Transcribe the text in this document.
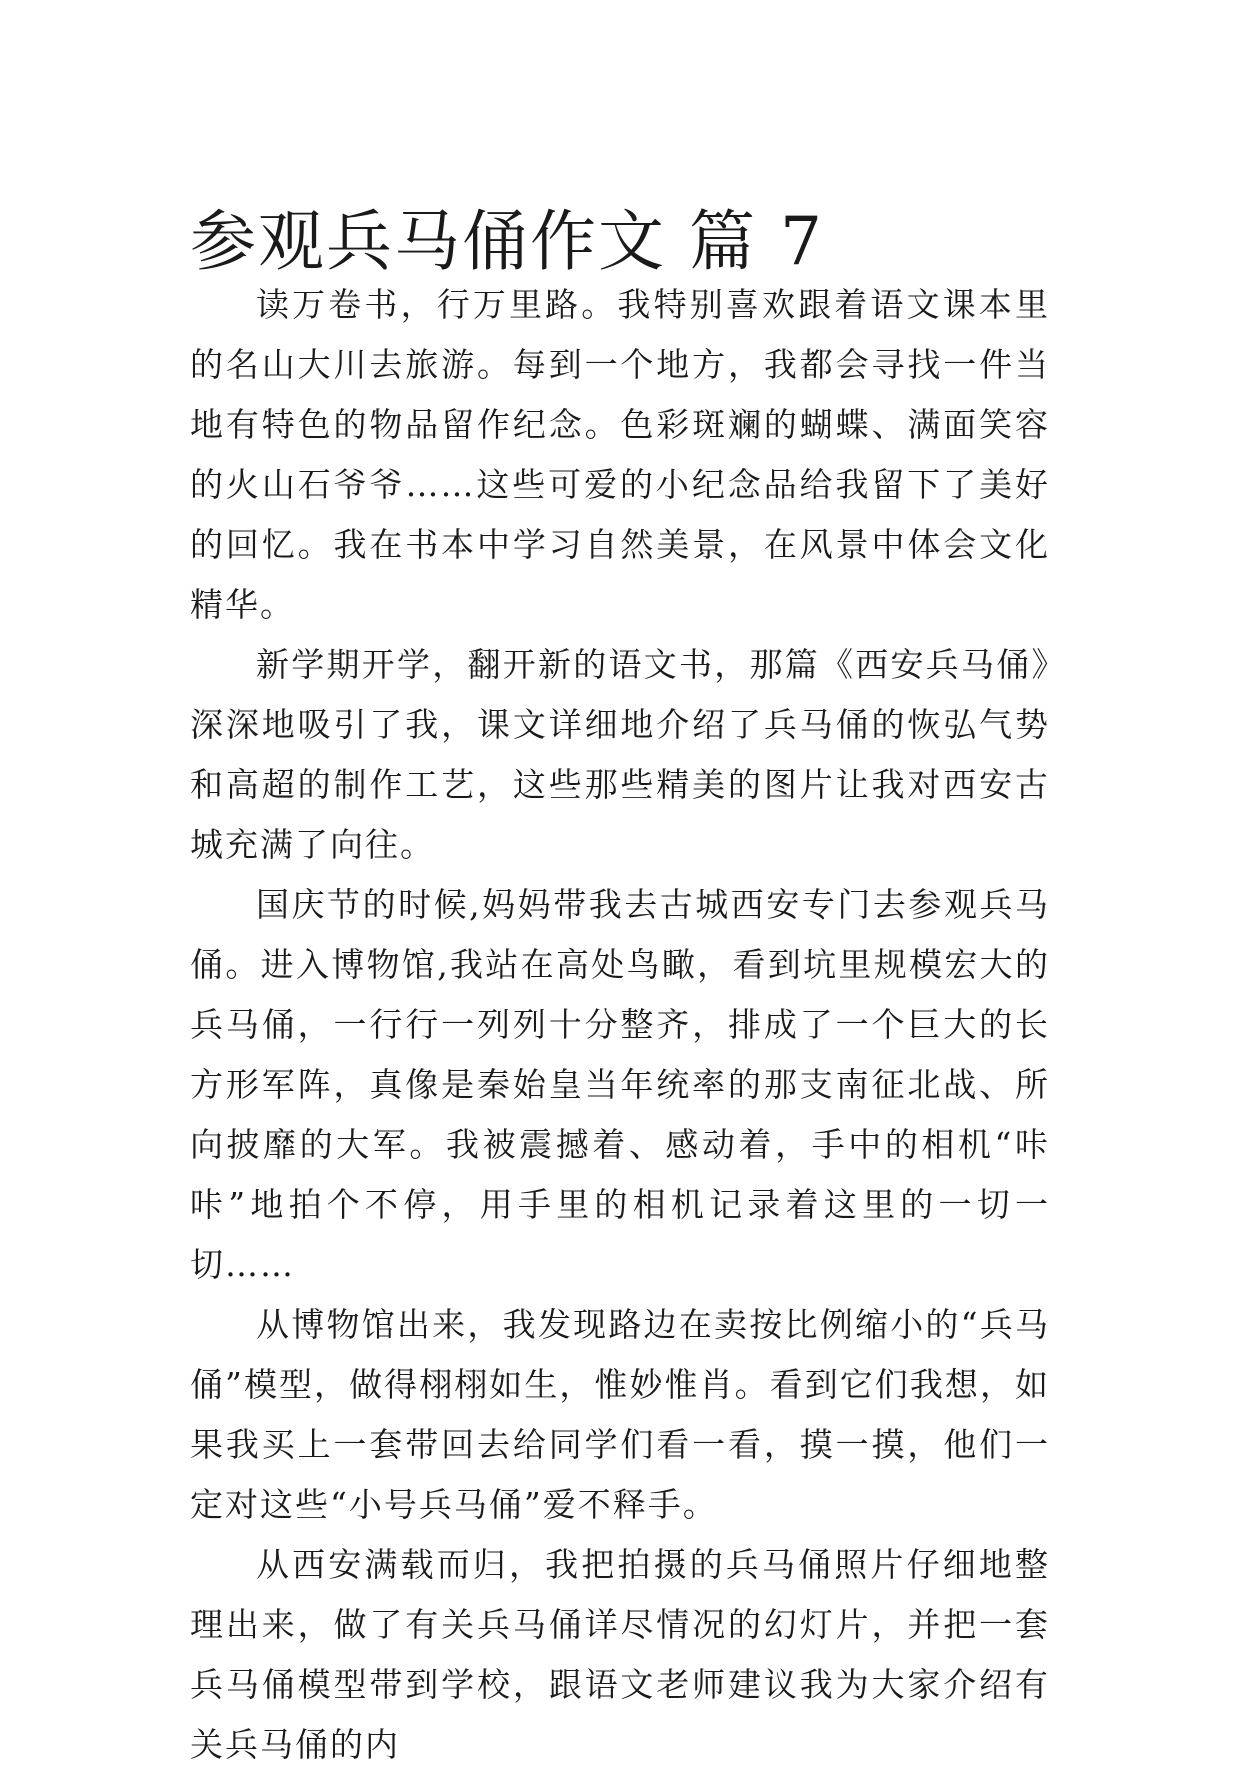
参观兵马俑作文 篇 7

读万卷书，行万里路。我特别喜欢跟着语文课本里的名山大川去旅游。每到一个地方，我都会寻找一件当地有特色的物品留作纪念。色彩斑斓的蝴蝶、满面笑容的火山石爷爷……这些可爱的小纪念品给我留下了美好的回忆。我在书本中学习自然美景，在风景中体会文化精华。

新学期开学，翻开新的语文书，那篇《西安兵马俑》深深地吸引了我，课文详细地介绍了兵马俑的恢弘气势和高超的制作工艺，这些那些精美的图片让我对西安古城充满了向往。

国庆节的时候,妈妈带我去古城西安专门去参观兵马俑。进入博物馆,我站在高处鸟瞰，看到坑里规模宏大的兵马俑，一行行一列列十分整齐，排成了一个巨大的长方形军阵，真像是秦始皇当年统率的那支南征北战、所向披靡的大军。我被震撼着、感动着，手中的相机“咔咔”地拍个不停，用手里的相机记录着这里的一切一切……

从博物馆出来，我发现路边在卖按比例缩小的“兵马俑”模型，做得栩栩如生，惟妙惟肖。看到它们我想，如果我买上一套带回去给同学们看一看，摸一摸，他们一定对这些“小号兵马俑”爱不释手。

从西安满载而归，我把拍摄的兵马俑照片仔细地整理出来，做了有关兵马俑详尽情况的幻灯片，并把一套兵马俑模型带到学校，跟语文老师建议我为大家介绍有关兵马俑的内
